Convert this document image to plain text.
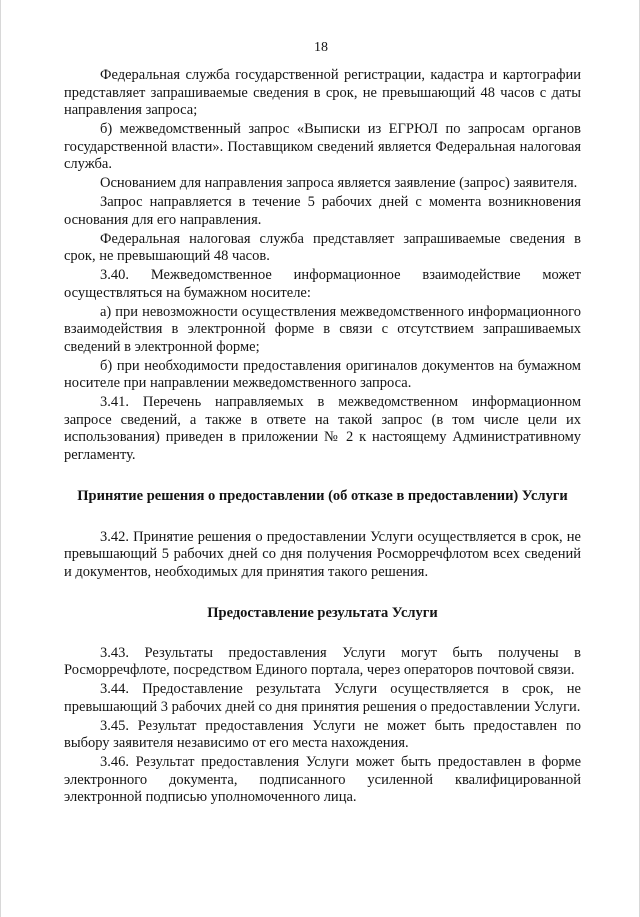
18

Федеральная служба государственной регистрации, кадастра и картографии представляет запрашиваемые сведения в срок, не превышающий 48 часов с даты направления запроса;

б) межведомственный запрос «Выписки из ЕГРЮЛ по запросам органов государственной власти». Поставщиком сведений является Федеральная налоговая служба.

Основанием для направления запроса является заявление (запрос) заявителя.

Запрос направляется в течение 5 рабочих дней с момента возникновения основания для его направления.

Федеральная налоговая служба представляет запрашиваемые сведения в срок, не превышающий 48 часов.

3.40. Межведомственное информационное взаимодействие может осуществляться на бумажном носителе:

а) при невозможности осуществления межведомственного информационного взаимодействия в электронной форме в связи с отсутствием запрашиваемых сведений в электронной форме;

б) при необходимости предоставления оригиналов документов на бумажном носителе при направлении межведомственного запроса.

3.41. Перечень направляемых в межведомственном информационном запросе сведений, а также в ответе на такой запрос (в том числе цели их использования) приведен в приложении № 2 к настоящему Административному регламенту.

Принятие решения о предоставлении (об отказе в предоставлении) Услуги

3.42. Принятие решения о предоставлении Услуги осуществляется в срок, не превышающий 5 рабочих дней со дня получения Росморречфлотом всех сведений и документов, необходимых для принятия такого решения.

Предоставление результата Услуги

3.43. Результаты предоставления Услуги могут быть получены в Росморречфлоте, посредством Единого портала, через операторов почтовой связи.

3.44. Предоставление результата Услуги осуществляется в срок, не превышающий 3 рабочих дней со дня принятия решения о предоставлении Услуги.

3.45. Результат предоставления Услуги не может быть предоставлен по выбору заявителя независимо от его места нахождения.

3.46. Результат предоставления Услуги может быть предоставлен в форме электронного документа, подписанного усиленной квалифицированной электронной подписью уполномоченного лица.
